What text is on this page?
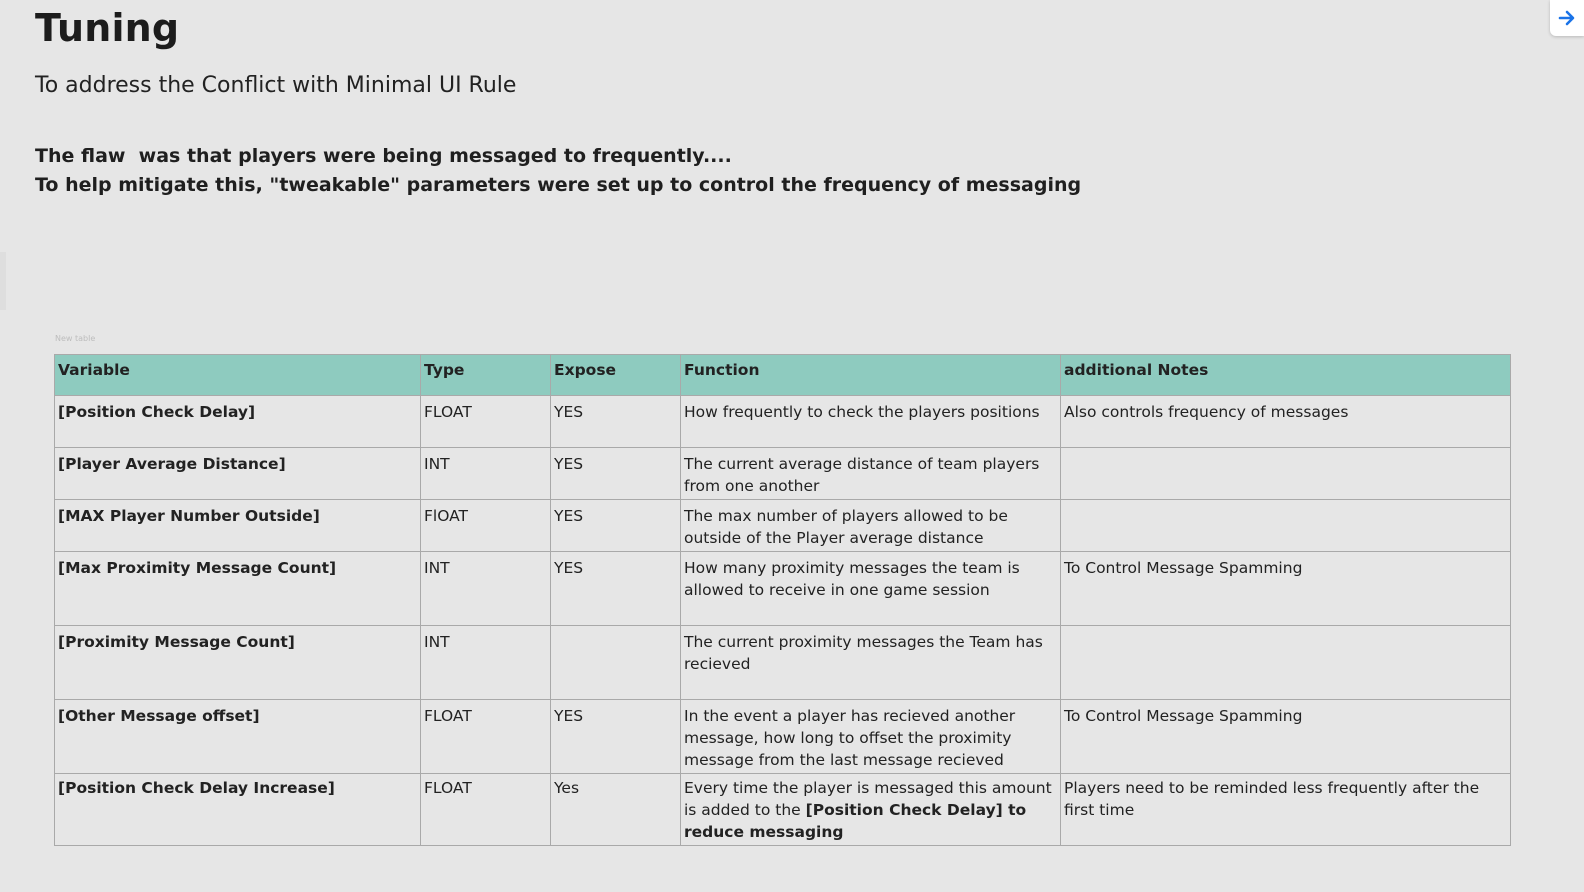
Tuning
To address the Conflict with Minimal UI Rule
The flaw  was that players were being messaged to frequently....
To help mitigate this, "tweakable" parameters were set up to control the frequency of messaging
New table
Variable	Type	Expose	Function	additional Notes
[Position Check Delay]	FLOAT	YES	How frequently to check the players positions	Also controls frequency of messages
[Player Average Distance]	INT	YES	The current average distance of team players from one another	
[MAX Player Number Outside]	FlOAT	YES	The max number of players allowed to be outside of the Player average distance	
[Max Proximity Message Count]	INT	YES	How many proximity messages the team is allowed to receive in one game session	To Control Message Spamming
[Proximity Message Count]	INT		The current proximity messages the Team has recieved	
[Other Message offset]	FLOAT	YES	In the event a player has recieved another message, how long to offset the proximity message from the last message recieved	To Control Message Spamming
[Position Check Delay Increase]	FLOAT	Yes	Every time the player is messaged this amount is added to the [Position Check Delay] to reduce messaging	Players need to be reminded less frequently after the first time
